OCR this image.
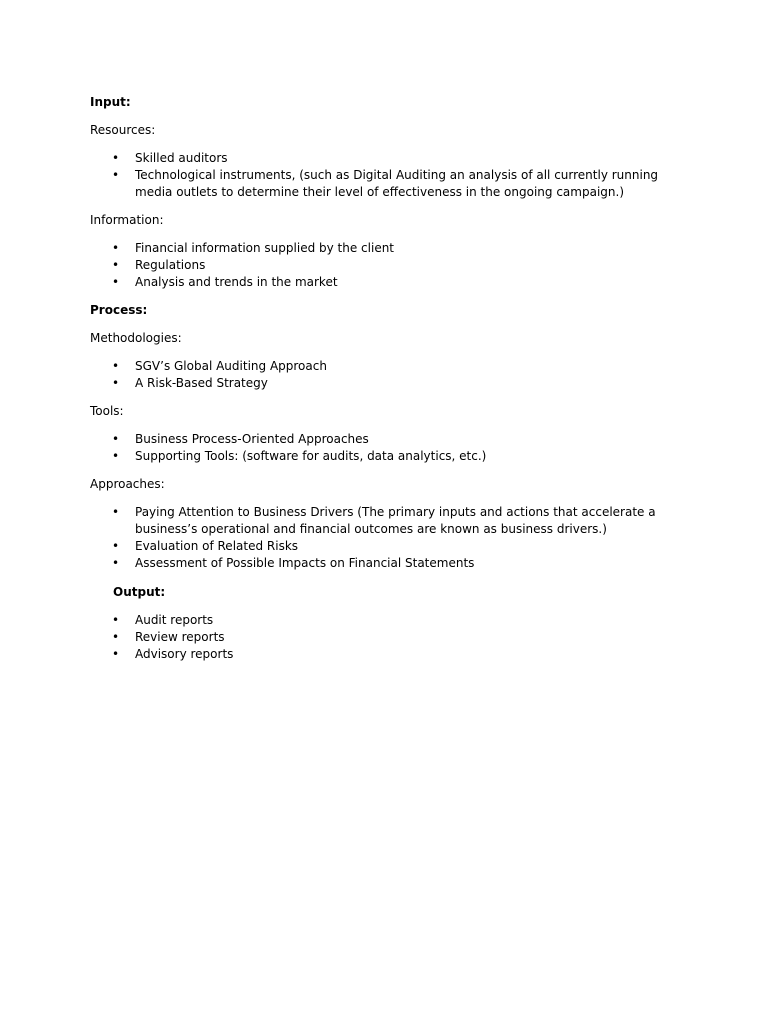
Input:
Resources:
• Skilled auditors
• Technological instruments, (such as Digital Auditing an analysis of all currently running media outlets to determine their level of effectiveness in the ongoing campaign.)
Information:
• Financial information supplied by the client
• Regulations
• Analysis and trends in the market
Process:
Methodologies:
• SGV’s Global Auditing Approach
• A Risk-Based Strategy
Tools:
• Business Process-Oriented Approaches
• Supporting Tools: (software for audits, data analytics, etc.)
Approaches:
• Paying Attention to Business Drivers (The primary inputs and actions that accelerate a business’s operational and financial outcomes are known as business drivers.)
• Evaluation of Related Risks
• Assessment of Possible Impacts on Financial Statements
Output:
• Audit reports
• Review reports
• Advisory reports
